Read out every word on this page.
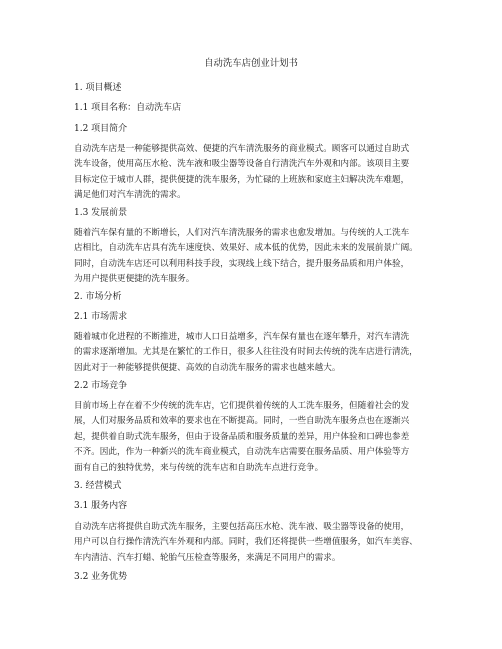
自动洗车店创业计划书
1. 项目概述
1.1 项目名称：自动洗车店
1.2 项目简介
自动洗车店是一种能够提供高效、便捷的汽车清洗服务的商业模式。顾客可以通过自助式
洗车设备，使用高压水枪、洗车液和吸尘器等设备自行清洗汽车外观和内部。该项目主要
目标定位于城市人群，提供便捷的洗车服务，为忙碌的上班族和家庭主妇解决洗车难题，
满足他们对汽车清洗的需求。
1.3 发展前景
随着汽车保有量的不断增长，人们对汽车清洗服务的需求也愈发增加。与传统的人工洗车
店相比，自动洗车店具有洗车速度快、效果好、成本低的优势，因此未来的发展前景广阔。
同时，自动洗车店还可以利用科技手段，实现线上线下结合，提升服务品质和用户体验，
为用户提供更便捷的洗车服务。
2. 市场分析
2.1 市场需求
随着城市化进程的不断推进，城市人口日益增多，汽车保有量也在逐年攀升，对汽车清洗
的需求逐渐增加。尤其是在繁忙的工作日，很多人往往没有时间去传统的洗车店进行清洗，
因此对于一种能够提供便捷、高效的自动洗车服务的需求也越来越大。
2.2 市场竞争
目前市场上存在着不少传统的洗车店，它们提供着传统的人工洗车服务，但随着社会的发
展，人们对服务品质和效率的要求也在不断提高。同时，一些自助洗车服务点也在逐渐兴
起，提供着自助式洗车服务，但由于设备品质和服务质量的差异，用户体验和口碑也参差
不齐。因此，作为一种新兴的洗车商业模式，自动洗车店需要在服务品质、用户体验等方
面有自己的独特优势，来与传统的洗车店和自助洗车点进行竞争。
3. 经营模式
3.1 服务内容
自动洗车店将提供自助式洗车服务，主要包括高压水枪、洗车液、吸尘器等设备的使用，
用户可以自行操作清洗汽车外观和内部。同时，我们还将提供一些增值服务，如汽车美容、
车内清洁、汽车打蜡、轮胎气压检查等服务，来满足不同用户的需求。
3.2 业务优势
